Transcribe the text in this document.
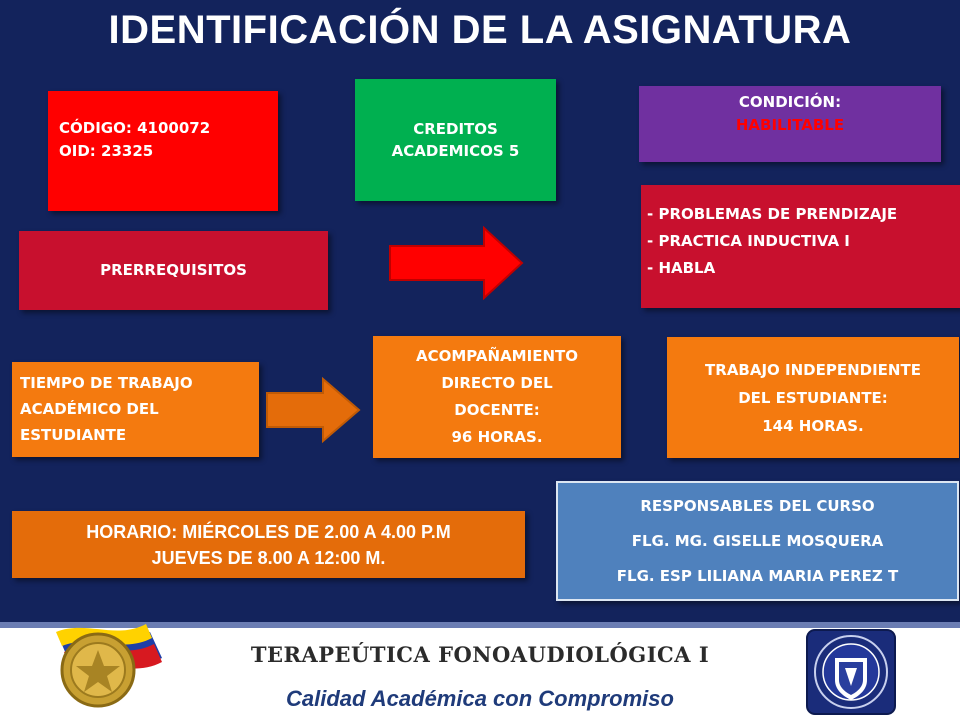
IDENTIFICACIÓN DE LA ASIGNATURA
CÓDIGO: 4100072
OID: 23325
CREDITOS
ACADEMICOS 5
CONDICIÓN:
HABILITABLE
PRERREQUISITOS
- PROBLEMAS DE PRENDIZAJE
- PRACTICA INDUCTIVA I
- HABLA
TIEMPO DE TRABAJO
ACADÉMICO DEL
ESTUDIANTE
ACOMPAÑAMIENTO
DIRECTO DEL
DOCENTE:
96 HORAS.
TRABAJO INDEPENDIENTE
DEL ESTUDIANTE:
144 HORAS.
HORARIO: MIÉRCOLES DE 2.00 A 4.00 P.M
JUEVES DE 8.00 A 12:00 M.
RESPONSABLES DEL CURSO
FLG. MG. GISELLE MOSQUERA
FLG. ESP LILIANA MARIA PEREZ T
TERAPEÚTICA FONOAUDIOLÓGICA I
Calidad Académica con Compromiso
